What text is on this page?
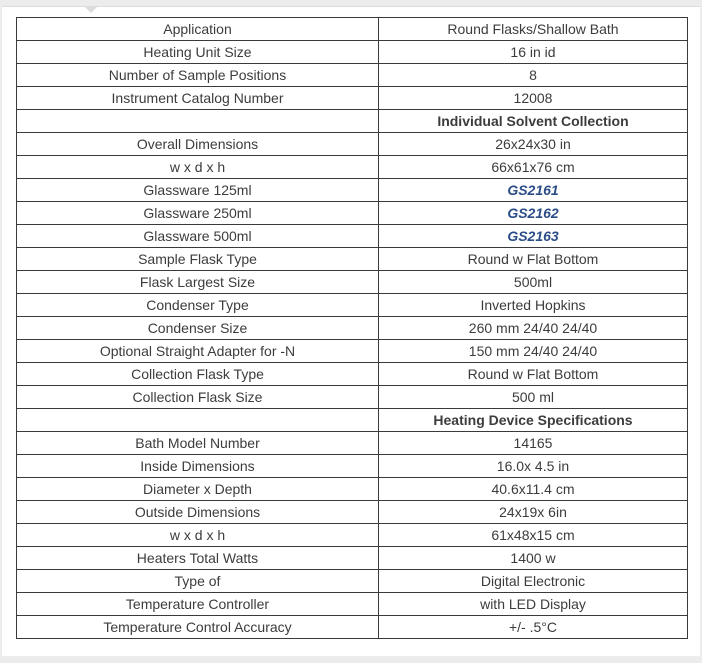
Application	Round Flasks/Shallow Bath
Heating Unit Size	16 in id
Number of Sample Positions	8
Instrument Catalog Number	12008
	Individual Solvent Collection
Overall Dimensions	26x24x30 in
w x d x h	66x61x76 cm
Glassware 125ml	GS2161
Glassware 250ml	GS2162
Glassware 500ml	GS2163
Sample Flask Type	Round w Flat Bottom
Flask Largest Size	500ml
Condenser Type	Inverted Hopkins
Condenser Size	260 mm 24/40 24/40
Optional Straight Adapter for -N	150 mm 24/40 24/40
Collection Flask Type	Round w Flat Bottom
Collection Flask Size	500 ml
	Heating Device Specifications
Bath Model Number	14165
Inside Dimensions	16.0x 4.5 in
Diameter x Depth	40.6x11.4 cm
Outside Dimensions	24x19x 6in
w x d x h	61x48x15 cm
Heaters Total Watts	1400 w
Type of	Digital Electronic
Temperature Controller	with LED Display
Temperature Control Accuracy	+/- .5°C
